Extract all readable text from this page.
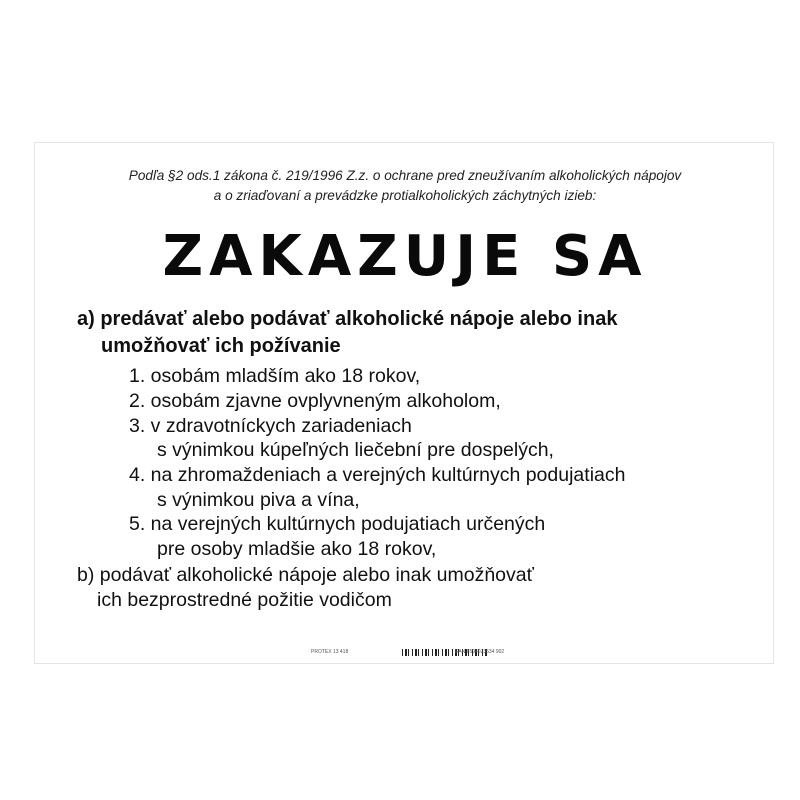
Podľa §2 ods.1 zákona č. 219/1996 Z.z. o ochrane pred zneužívaním alkoholických nápojov
a o zriaďovaní a prevádzke protialkoholických záchytných izieb:
ZAKAZUJE SA
a) predávať alebo podávať alkoholické nápoje alebo inak
umožňovať ich požívanie
1. osobám mladším ako 18 rokov,
2. osobám zjavne ovplyvneným alkoholom,
3. v zdravotníckych zariadeniach
s výnimkou kúpeľných liečební pre dospelých,
4. na zhromaždeniach a verejných kultúrnych podujatiach
s výnimkou piva a vína,
5. na verejných kultúrnych podujatiach určených
pre osoby mladšie ako 18 rokov,
b) podávať alkoholické nápoje alebo inak umožňovať
ich bezprostredné požitie vodičom
PROTEX 13 418	EAN 8594023534 902
